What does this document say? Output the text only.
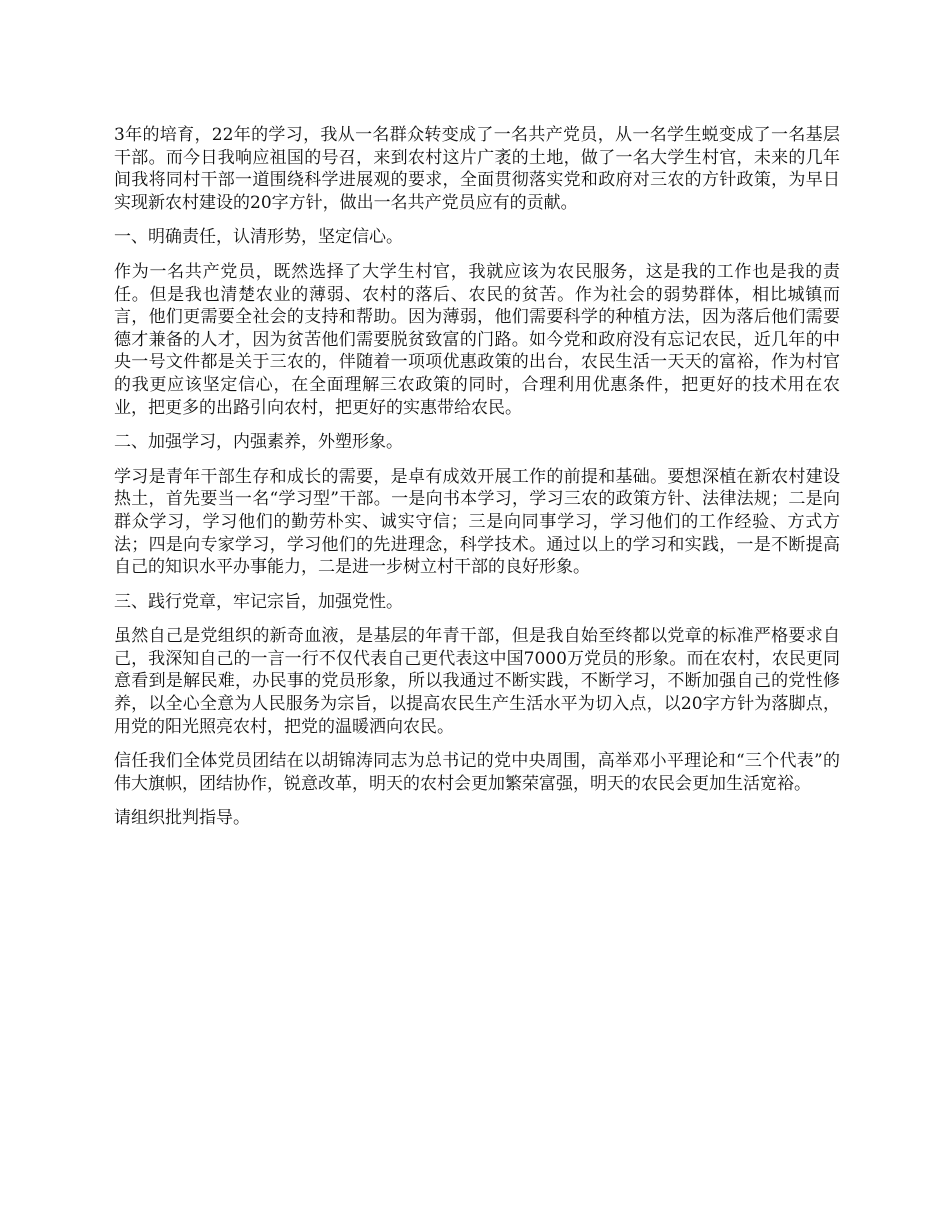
3年的培育，22年的学习，我从一名群众转变成了一名共产党员，从一名学生蜕变成了一名基层干部。而今日我响应祖国的号召，来到农村这片广袤的土地，做了一名大学生村官，未来的几年间我将同村干部一道围绕科学进展观的要求，全面贯彻落实党和政府对三农的方针政策，为早日实现新农村建设的20字方针，做出一名共产党员应有的贡献。

一、明确责任，认清形势，坚定信心。

作为一名共产党员，既然选择了大学生村官，我就应该为农民服务，这是我的工作也是我的责任。但是我也清楚农业的薄弱、农村的落后、农民的贫苦。作为社会的弱势群体，相比城镇而言，他们更需要全社会的支持和帮助。因为薄弱，他们需要科学的种植方法，因为落后他们需要德才兼备的人才，因为贫苦他们需要脱贫致富的门路。如今党和政府没有忘记农民，近几年的中央一号文件都是关于三农的，伴随着一项项优惠政策的出台，农民生活一天天的富裕，作为村官的我更应该坚定信心，在全面理解三农政策的同时，合理利用优惠条件，把更好的技术用在农业，把更多的出路引向农村，把更好的实惠带给农民。

二、加强学习，内强素养，外塑形象。

学习是青年干部生存和成长的需要，是卓有成效开展工作的前提和基础。要想深植在新农村建设热土，首先要当一名“学习型”干部。一是向书本学习，学习三农的政策方针、法律法规；二是向群众学习，学习他们的勤劳朴实、诚实守信；三是向同事学习，学习他们的工作经验、方式方法；四是向专家学习，学习他们的先进理念，科学技术。通过以上的学习和实践，一是不断提高自己的知识水平办事能力，二是进一步树立村干部的良好形象。

三、践行党章，牢记宗旨，加强党性。

虽然自己是党组织的新奇血液，是基层的年青干部，但是我自始至终都以党章的标准严格要求自己，我深知自己的一言一行不仅代表自己更代表这中国7000万党员的形象。而在农村，农民更同意看到是解民难，办民事的党员形象，所以我通过不断实践，不断学习，不断加强自己的党性修养，以全心全意为人民服务为宗旨，以提高农民生产生活水平为切入点，以20字方针为落脚点，用党的阳光照亮农村，把党的温暖洒向农民。

信任我们全体党员团结在以胡锦涛同志为总书记的党中央周围，高举邓小平理论和“三个代表”的伟大旗帜，团结协作，锐意改革，明天的农村会更加繁荣富强，明天的农民会更加生活宽裕。

请组织批判指导。
